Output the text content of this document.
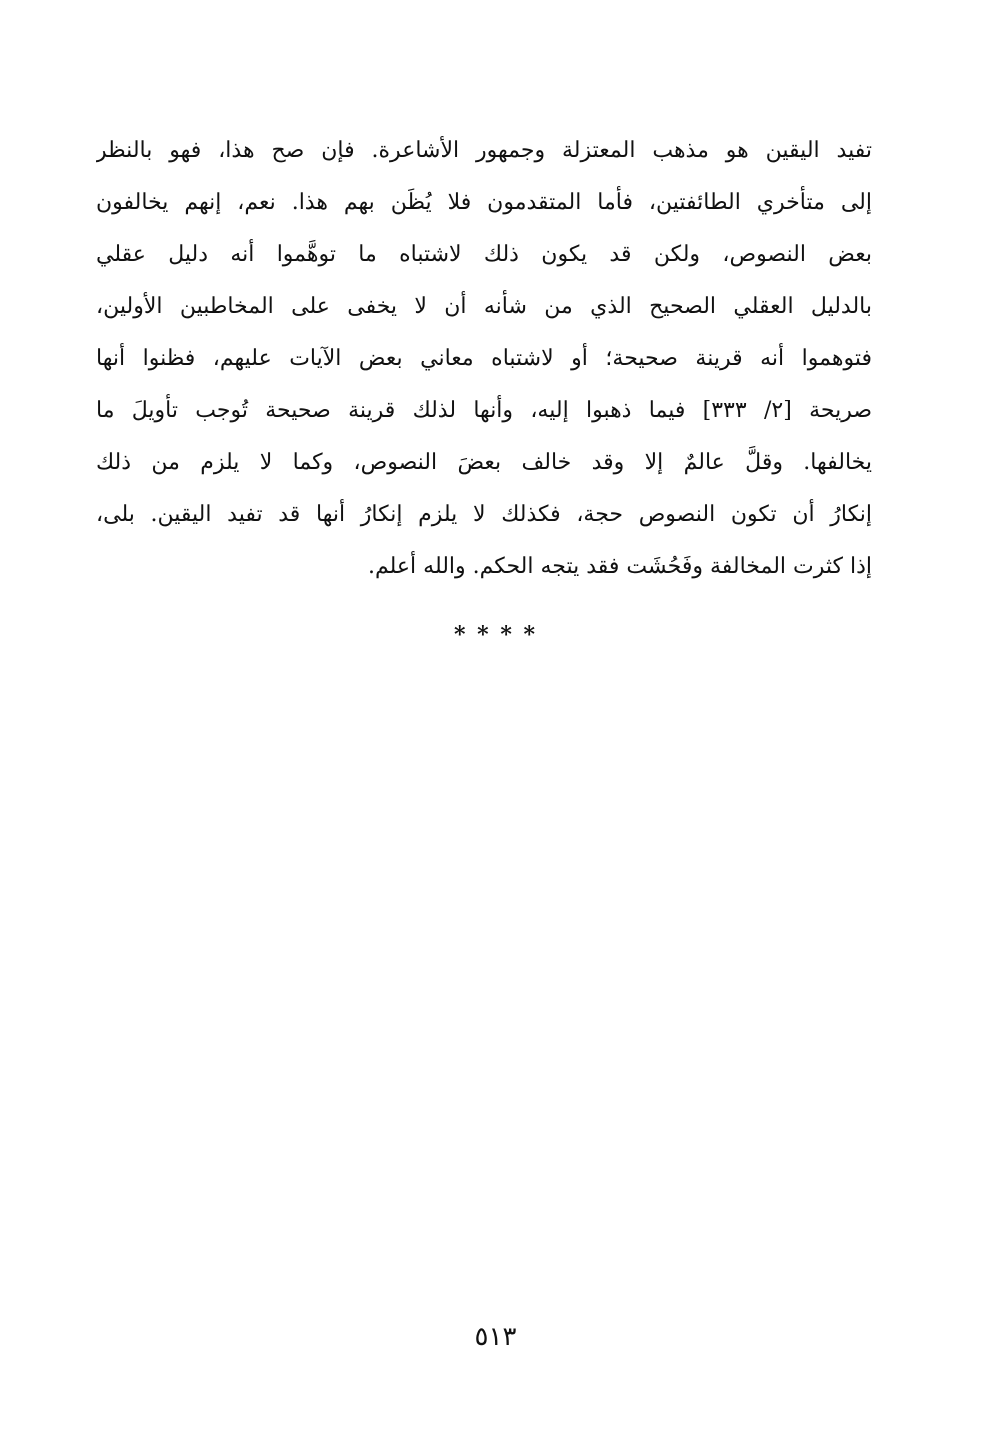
تفيد اليقين هو مذهب المعتزلة وجمهور الأشاعرة. فإن صح هذا، فهو بالنظر
إلى متأخري الطائفتين، فأما المتقدمون فلا يُظَن بهم هذا. نعم، إنهم يخالفون
بعض النصوص، ولكن قد يكون ذلك لاشتباه ما توهَّموا أنه دليل عقلي
بالدليل العقلي الصحيح الذي من شأنه أن لا يخفى على المخاطبين الأولين،
فتوهموا أنه قرينة صحيحة؛ أو لاشتباه معاني بعض الآيات عليهم، فظنوا أنها
صريحة [٢/ ٣٣٣] فيما ذهبوا إليه، وأنها لذلك قرينة صحيحة تُوجب تأويلَ ما
يخالفها. وقلَّ عالمٌ إلا وقد خالف بعضَ النصوص، وكما لا يلزم من ذلك
إنكارُ أن تكون النصوص حجة، فكذلك لا يلزم إنكارُ أنها قد تفيد اليقين. بلى،
إذا كثرت المخالفة وفَحُشَت فقد يتجه الحكم. والله أعلم.
* * * *
٥١٣
